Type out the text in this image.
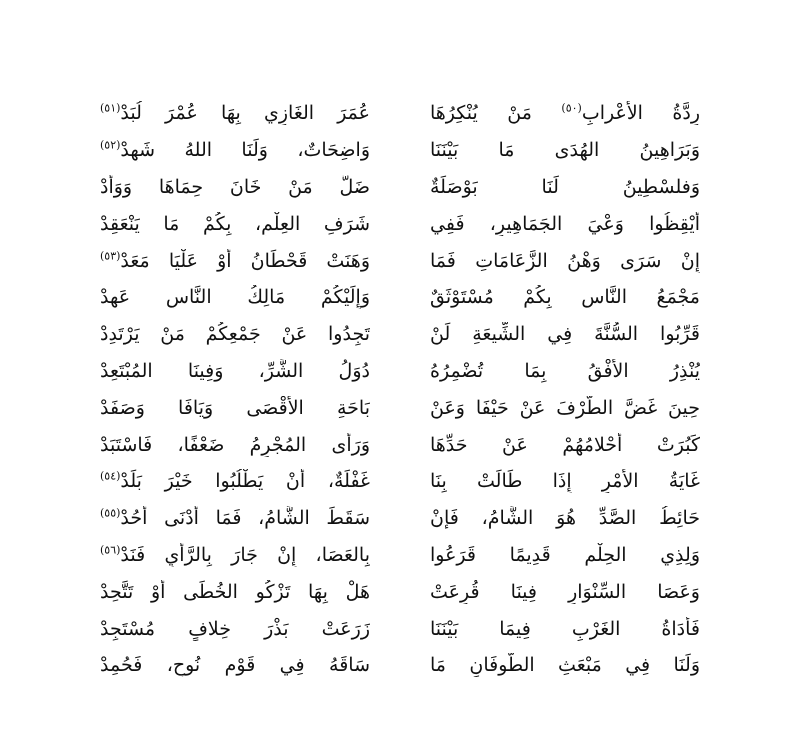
رِدَّةُ الأَعْرابِ$^{(٥٠)}$ مَنْ يُنْكِرُهَا
عُمَرَ الغَازِي بِهَا عُمْرَ لُبَدْ$^{(٥١)}$
وَبَرَاهِينُ الهُدَى مَا بَيْنَنَا
وَاضِحَاتٌ، وَلَنَا اللهُ شَهِدْ$^{(٥٢)}$
وَفلسْطِينُ لَنَا بَوْصَلَةٌ
ضَلَّ مَنْ خَانَ حِمَاهَا وَوَأَدْ
أَيْقِظُوا وَعْيَ الجَمَاهِيرِ، فَفِي
شَرَفِ العِلْمِ، بِكُمْ مَا يَنْعَقِدْ
إِنْ سَرَى وَهْنُ الزَّعَامَاتِ فَمَا
وَهَنَتْ قَحْطَانُ أَوْ عَلْيَا مَعَدْ$^{(٥٣)}$
مَجْمَعُ النَّاسِ بِكُمْ مُسْتَوْثَقٌ
وَإِلَيْكُمْ مَالِكُ النَّاسِ عَهِدْ
قَرِّبُوا السُّنَّةَ فِي الشِّيعَةِ لَنْ
تَجِدُوا عَنْ جَمْعِكُمْ مَنْ يَرْتَدِدْ
يُنْذِرُ الأُفْقُ بِمَا تُضْمِرُهُ
دُوَلُ الشَّرِّ، وَفِينَا المُبْتَعِدْ
حِينَ غَضَّ الطَّرْفَ عَنْ حَيْفَا وَعَنْ
بَاحَةِ الأَقْصَى وَيَافَا وَصَفَدْ
كَبُرَتْ أَحْلامُهُمْ عَنْ حَدِّهَا
وَرَأَى المُجْرِمُ ضَعْفًا، فَاسْتَبَدْ
غَايَةُ الأَمْرِ إِذَا طَالَتْ بِنَا
غَفْلَةٌ، أَنْ يَطْلُبُوا خَيْرَ بَلَدْ$^{(٥٤)}$
حَائِطُ الصَّدِّ هُوَ الشَّامُ، فَإِنْ
سَقَطَ الشَّامُ، فَمَا أَدْنَى أُحُدْ$^{(٥٥)}$
وَلِذِي الحِلْمِ قَدِيمًا قَرَعُوا
بِالعَصَا، إِنْ جَارَ بِالرَّأْيِ فَنَدْ$^{(٥٦)}$
وَعَصَا السِّنْوَارِ فِينَا قُرِعَتْ
هَلْ بِهَا تَزْكُو الخُطَى أَوْ تَتَّحِدْ
فَأَدَاةُ الغَرْبِ فِيمَا بَيْنَنَا
زَرَعَتْ بَذْرَ خِلافٍ مُسْتَجِدْ
وَلَنَا فِي مَبْعَثِ الطُّوفَانِ مَا
سَاقَهُ فِي قَوْمِ نُوحٍ، فَحُمِدْ
